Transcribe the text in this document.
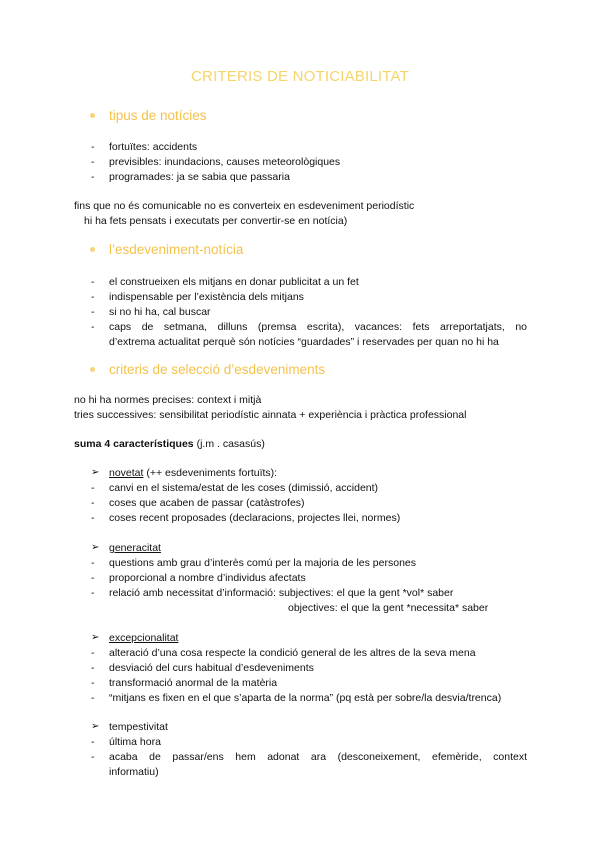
CRITERIS DE NOTICIABILITAT
tipus de notícies
-	fortuïtes: accidents
-	previsibles: inundacions, causes meteorològiques
-	programades: ja se sabia que passaria
fins que no és comunicable no es converteix en esdeveniment periodístic
hi ha fets pensats i executats per convertir-se en notícia)
l’esdeveniment-notícia
-	el construeixen els mitjans en donar publicitat a un fet
-	indispensable per l’existència dels mitjans
-	si no hi ha, cal buscar
-	caps de setmana, dilluns (premsa escrita), vacances: fets arreportatjats, no
d’extrema actualitat perquè són notícies “guardades” i reservades per quan no hi ha
criteris de selecció d’esdeveniments
no hi ha normes precises: context i mitjà
tries successives: sensibilitat periodístic ainnata + experiència i pràctica professional
suma 4 característiques (j.m . casasús)
➢ novetat (++ esdeveniments fortuïts):
-	canvi en el sistema/estat de les coses (dimissió, accident)
-	coses que acaben de passar (catàstrofes)
-	coses recent proposades (declaracions, projectes llei, normes)
➢ generacitat
-	questions amb grau d’interès comú per la majoria de les persones
-	proporcional a nombre d’individus afectats
-	relació amb necessitat d’informació: subjectives: el que la gent *vol* saber
objectives: el que la gent *necessita* saber
➢ excepcionalitat
-	alteració d’una cosa respecte la condició general de les altres de la seva mena
-	desviació del curs habitual d’esdeveniments
-	transformació anormal de la matèria
-	“mitjans es fixen en el que s’aparta de la norma” (pq està per sobre/la desvia/trenca)
➢ tempestivitat
-	última hora
-	acaba de passar/ens hem adonat ara (desconeixement, efemèride, context
informatiu)
